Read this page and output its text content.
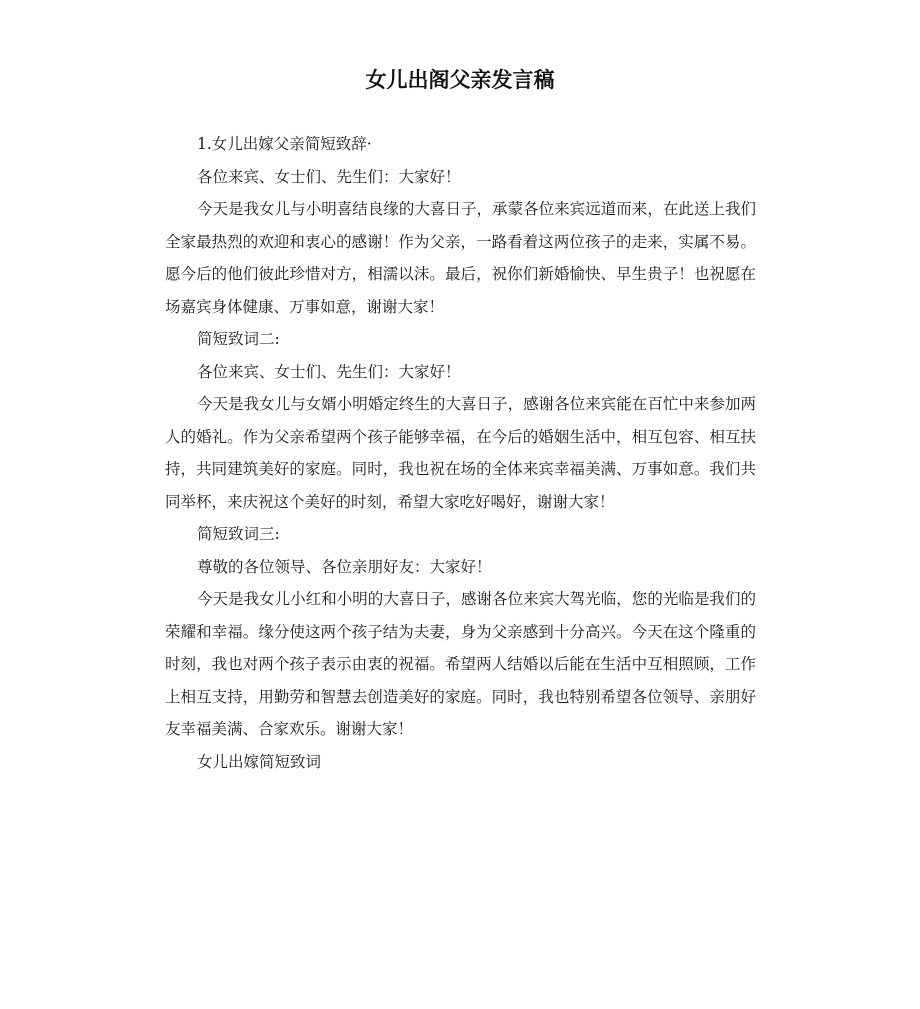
女儿出阁父亲发言稿

1.女儿出嫁父亲简短致辞·

各位来宾、女士们、先生们：大家好！

今天是我女儿与小明喜结良缘的大喜日子，承蒙各位来宾远道而来，在此送上我们全家最热烈的欢迎和衷心的感谢！作为父亲，一路看着这两位孩子的走来，实属不易。愿今后的他们彼此珍惜对方，相濡以沫。最后，祝你们新婚愉快、早生贵子！也祝愿在场嘉宾身体健康、万事如意，谢谢大家！

简短致词二:

各位来宾、女士们、先生们：大家好！

今天是我女儿与女婿小明婚定终生的大喜日子，感谢各位来宾能在百忙中来参加两人的婚礼。作为父亲希望两个孩子能够幸福，在今后的婚姻生活中，相互包容、相互扶持，共同建筑美好的家庭。同时，我也祝在场的全体来宾幸福美满、万事如意。我们共同举杯，来庆祝这个美好的时刻，希望大家吃好喝好，谢谢大家！

简短致词三:

尊敬的各位领导、各位亲朋好友：大家好！

今天是我女儿小红和小明的大喜日子，感谢各位来宾大驾光临，您的光临是我们的荣耀和幸福。缘分使这两个孩子结为夫妻，身为父亲感到十分高兴。今天在这个隆重的时刻，我也对两个孩子表示由衷的祝福。希望两人结婚以后能在生活中互相照顾，工作上相互支持，用勤劳和智慧去创造美好的家庭。同时，我也特别希望各位领导、亲朋好友幸福美满、合家欢乐。谢谢大家！

女儿出嫁简短致词
